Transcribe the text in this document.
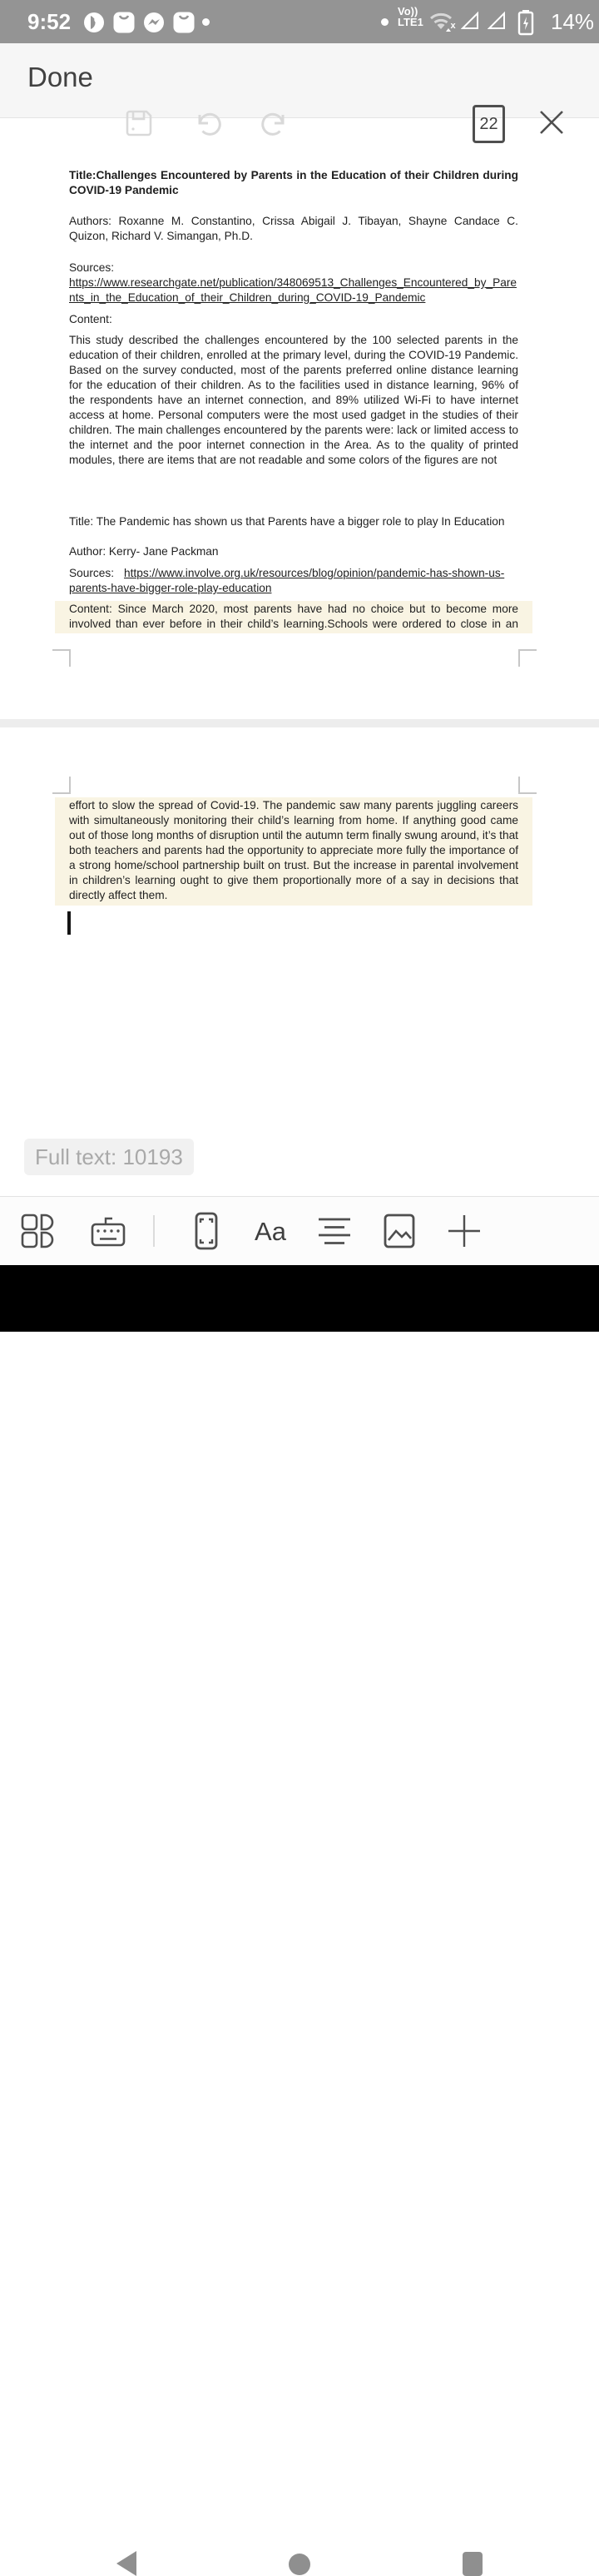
9:52	Vo))
LTE1	x	14%
Done
22

Title:Challenges Encountered by Parents in the Education of their Children during COVID-19 Pandemic

Authors: Roxanne M. Constantino, Crissa Abigail J. Tibayan, Shayne Candace C. Quizon, Richard V. Simangan, Ph.D.

Sources:

https://www.researchgate.net/publication/348069513_Challenges_Encountered_by_Parents_in_the_Education_of_their_Children_during_COVID-19_Pandemic

Content:

This study described the challenges encountered by the 100 selected parents in the education of their children, enrolled at the primary level, during the COVID-19 Pandemic. Based on the survey conducted, most of the parents preferred online distance learning for the education of their children. As to the facilities used in distance learning, 96% of the respondents have an internet connection, and 89% utilized Wi-Fi to have internet access at home. Personal computers were the most used gadget in the studies of their children. The main challenges encountered by the parents were: lack or limited access to the internet and the poor internet connection in the Area. As to the quality of printed modules, there are items that are not readable and some colors of the figures are not

Title: The Pandemic has shown us that Parents have a bigger role to play In Education

Author: Kerry- Jane Packman

Sources: https://www.involve.org.uk/resources/blog/opinion/pandemic-has-shown-us-parents-have-bigger-role-play-education

Content: Since March 2020, most parents have had no choice but to become more involved than ever before in their child’s learning.Schools were ordered to close in an

effort to slow the spread of Covid-19. The pandemic saw many parents juggling careers with simultaneously monitoring their child’s learning from home. If anything good came out of those long months of disruption until the autumn term finally swung around, it’s that both teachers and parents had the opportunity to appreciate more fully the importance of a strong home/school partnership built on trust. But the increase in parental involvement in children’s learning ought to give them proportionally more of a say in decisions that directly affect them.

Full text: 10193
Aa
